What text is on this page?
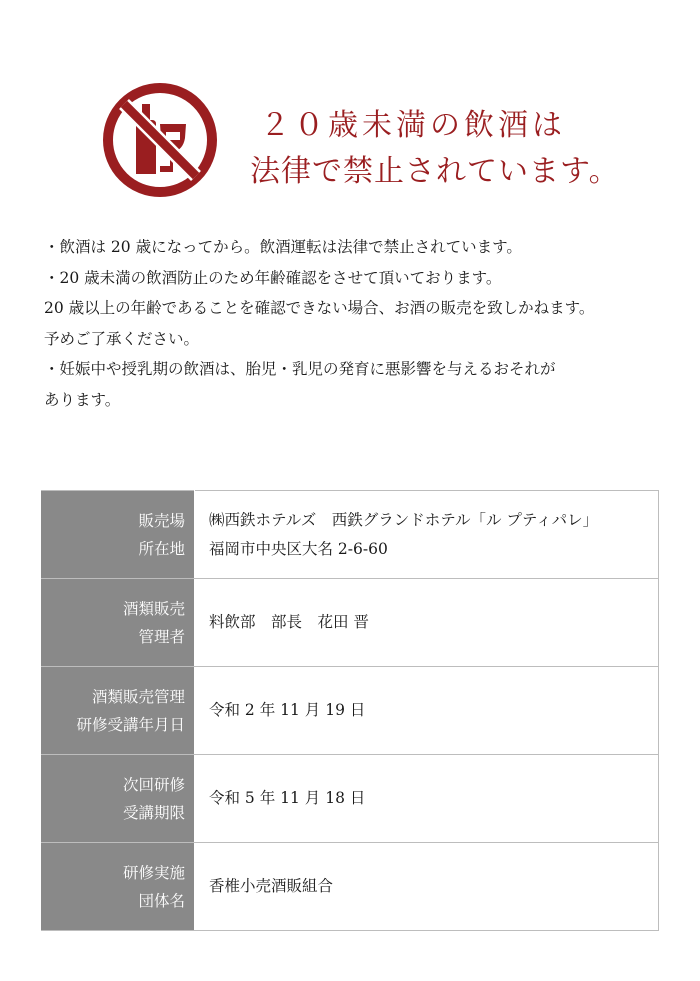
２０歳未満の飲酒は
法律で禁止されています。

・飲酒は 20 歳になってから。飲酒運転は法律で禁止されています。

・20 歳未満の飲酒防止のため年齢確認をさせて頂いております。

20 歳以上の年齢であることを確認できない場合、お酒の販売を致しかねます。

予めご了承ください。

・妊娠中や授乳期の飲酒は、胎児・乳児の発育に悪影響を与えるおそれが

あります。

販売場
所在地	㈱西鉄ホテルズ　西鉄グランドホテル「ル プティパレ」
福岡市中央区大名 2-6-60

酒類販売
管理者	料飲部　部長　花田 晋

酒類販売管理
研修受講年月日	令和 2 年 11 月 19 日

次回研修
受講期限	令和 5 年 11 月 18 日

研修実施
団体名	香椎小売酒販組合
